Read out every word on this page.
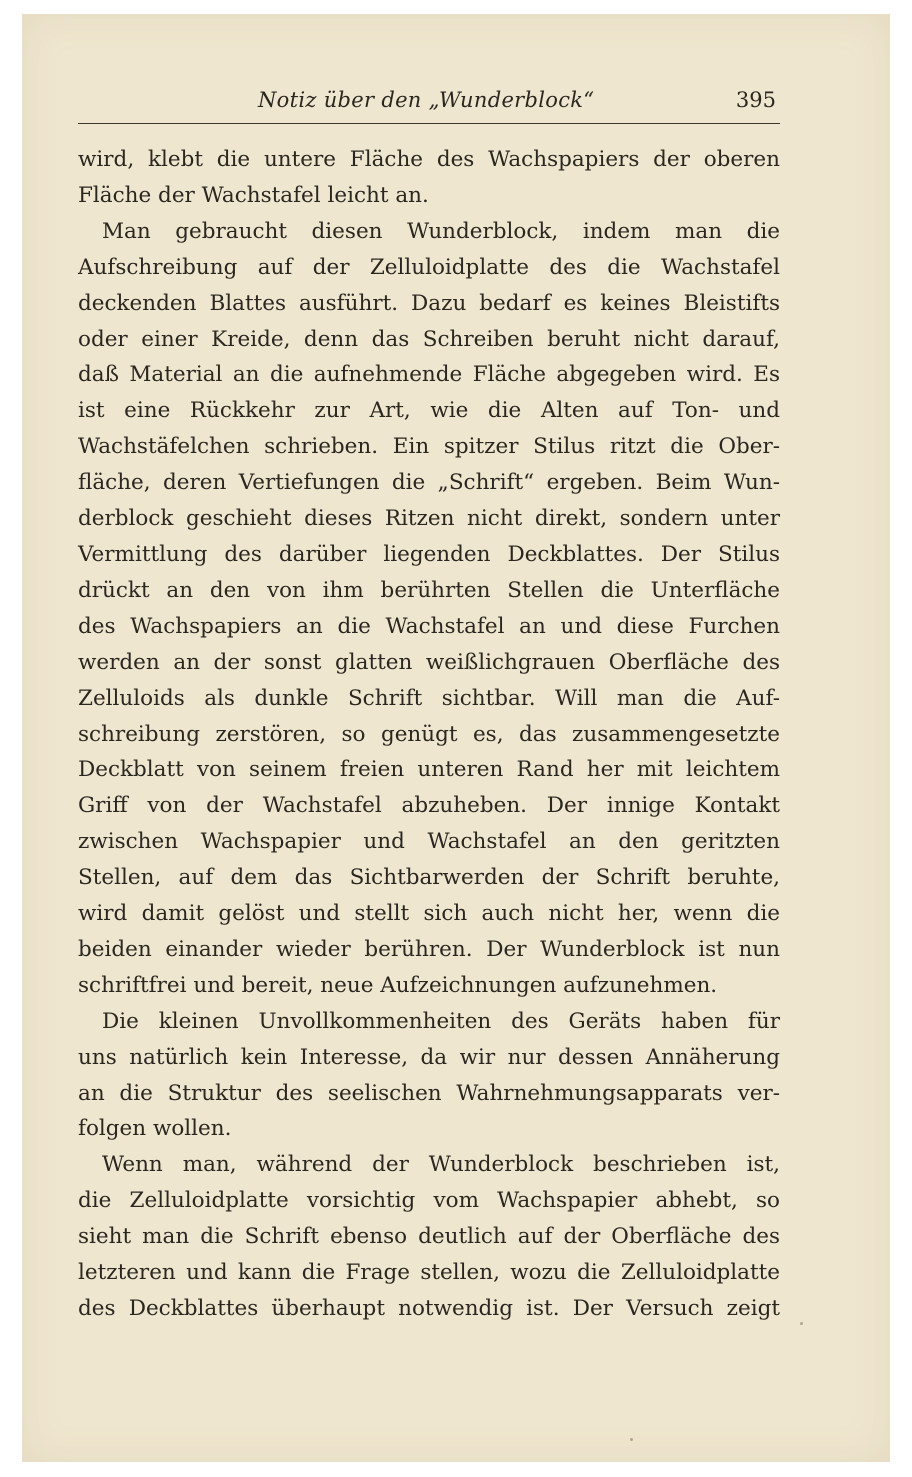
Notiz über den „Wunderblock“	395
wird, klebt die untere Fläche des Wachspapiers der oberen
Fläche der Wachstafel leicht an.
Man gebraucht diesen Wunderblock, indem man die
Aufschreibung auf der Zelluloidplatte des die Wachstafel
deckenden Blattes ausführt. Dazu bedarf es keines Bleistifts
oder einer Kreide, denn das Schreiben beruht nicht darauf,
daß Material an die aufnehmende Fläche abgegeben wird. Es
ist eine Rückkehr zur Art, wie die Alten auf Ton- und
Wachstäfelchen schrieben. Ein spitzer Stilus ritzt die Ober-
fläche, deren Vertiefungen die „Schrift“ ergeben. Beim Wun-
derblock geschieht dieses Ritzen nicht direkt, sondern unter
Vermittlung des darüber liegenden Deckblattes. Der Stilus
drückt an den von ihm berührten Stellen die Unterfläche
des Wachspapiers an die Wachstafel an und diese Furchen
werden an der sonst glatten weißlichgrauen Oberfläche des
Zelluloids als dunkle Schrift sichtbar. Will man die Auf-
schreibung zerstören, so genügt es, das zusammengesetzte
Deckblatt von seinem freien unteren Rand her mit leichtem
Griff von der Wachstafel abzuheben. Der innige Kontakt
zwischen Wachspapier und Wachstafel an den geritzten
Stellen, auf dem das Sichtbarwerden der Schrift beruhte,
wird damit gelöst und stellt sich auch nicht her, wenn die
beiden einander wieder berühren. Der Wunderblock ist nun
schriftfrei und bereit, neue Aufzeichnungen aufzunehmen.
Die kleinen Unvollkommenheiten des Geräts haben für
uns natürlich kein Interesse, da wir nur dessen Annäherung
an die Struktur des seelischen Wahrnehmungsapparats ver-
folgen wollen.
Wenn man, während der Wunderblock beschrieben ist,
die Zelluloidplatte vorsichtig vom Wachspapier abhebt, so
sieht man die Schrift ebenso deutlich auf der Oberfläche des
letzteren und kann die Frage stellen, wozu die Zelluloidplatte
des Deckblattes überhaupt notwendig ist. Der Versuch zeigt
